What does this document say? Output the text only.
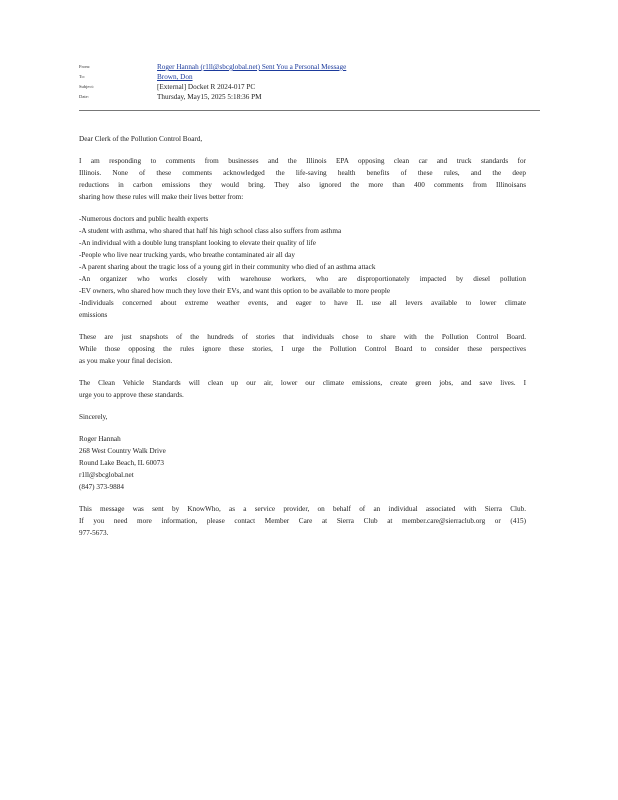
From:	Roger Hannah (r1ll@sbcglobal.net) Sent You a Personal Message
To:	Brown, Don
Subject:	[External] Docket R 2024-017 PC
Date:	Thursday, May15, 2025 5:18:36 PM

Dear Clerk of the Pollution Control Board,

I am responding to comments from businesses and the Illinois EPA opposing clean car and truck standards for
Illinois. None of these comments acknowledged the life-saving health benefits of these rules, and the deep
reductions in carbon emissions they would bring. They also ignored the more than 400 comments from Illinoisans
sharing how these rules will make their lives better from:

-Numerous doctors and public health experts
-A student with asthma, who shared that half his high school class also suffers from asthma
-An individual with a double lung transplant looking to elevate their quality of life
-People who live near trucking yards, who breathe contaminated air all day
-A parent sharing about the tragic loss of a young girl in their community who died of an asthma attack
-An organizer who works closely with warehouse workers, who are disproportionately impacted by diesel pollution
-EV owners, who shared how much they love their EVs, and want this option to be available to more people
-Individuals concerned about extreme weather events, and eager to have IL use all levers available to lower climate
emissions

These are just snapshots of the hundreds of stories that individuals chose to share with the Pollution Control Board.
While those opposing the rules ignore these stories, I urge the Pollution Control Board to consider these perspectives
as you make your final decision.

The Clean Vehicle Standards will clean up our air, lower our climate emissions, create green jobs, and save lives. I
urge you to approve these standards.

Sincerely,

Roger Hannah
268 West Country Walk Drive
Round Lake Beach, IL 60073
r1ll@sbcglobal.net
(847) 373-9884

This message was sent by KnowWho, as a service provider, on behalf of an individual associated with Sierra Club.
If you need more information, please contact Member Care at Sierra Club at member.care@sierraclub.org or (415)
977-5673.
